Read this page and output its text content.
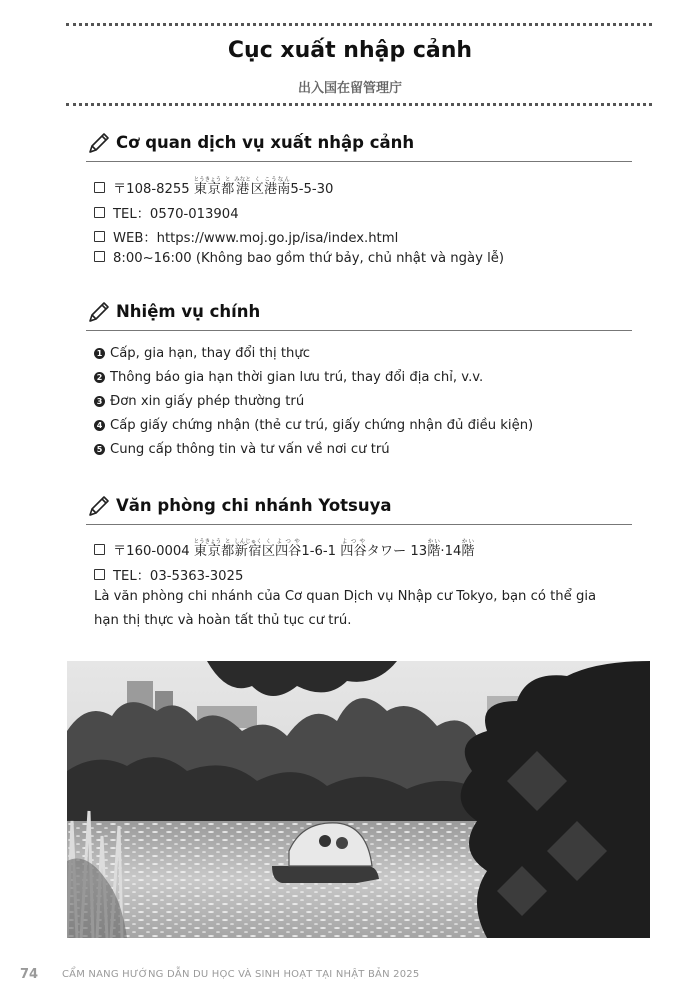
Cục xuất nhập cảnh
出入国在留管理庁
Cơ quan dịch vụ xuất nhập cảnh
〒108-8255 東京とうきょう都と港みなと区く港こう南なん5-5-30
TEL：0570-013904
WEB：https://www.moj.go.jp/isa/index.html
8:00~16:00 (Không bao gồm thứ bảy, chủ nhật và ngày lễ)
Nhiệm vụ chính
1 Cấp, gia hạn, thay đổi thị thực
2 Thông báo gia hạn thời gian lưu trú, thay đổi địa chỉ, v.v.
3 Đơn xin giấy phép thường trú
4 Cấp giấy chứng nhận (thẻ cư trú, giấy chứng nhận đủ điều kiện)
5 Cung cấp thông tin và tư vấn về nơi cư trú
Văn phòng chi nhánh Yotsuya
〒160-0004 東京とうきょう都と新宿しんじゅく区く四谷よつや1-6-1 四谷よつやタワー 13階かい·14階かい
TEL：03-5363-3025
Là văn phòng chi nhánh của Cơ quan Dịch vụ Nhập cư Tokyo, bạn có thể gia hạn thị thực và hoàn tất thủ tục cư trú.
74 CẨM NANG HƯỚNG DẪN DU HỌC VÀ SINH HOẠT TẠI NHẬT BẢN 2025
